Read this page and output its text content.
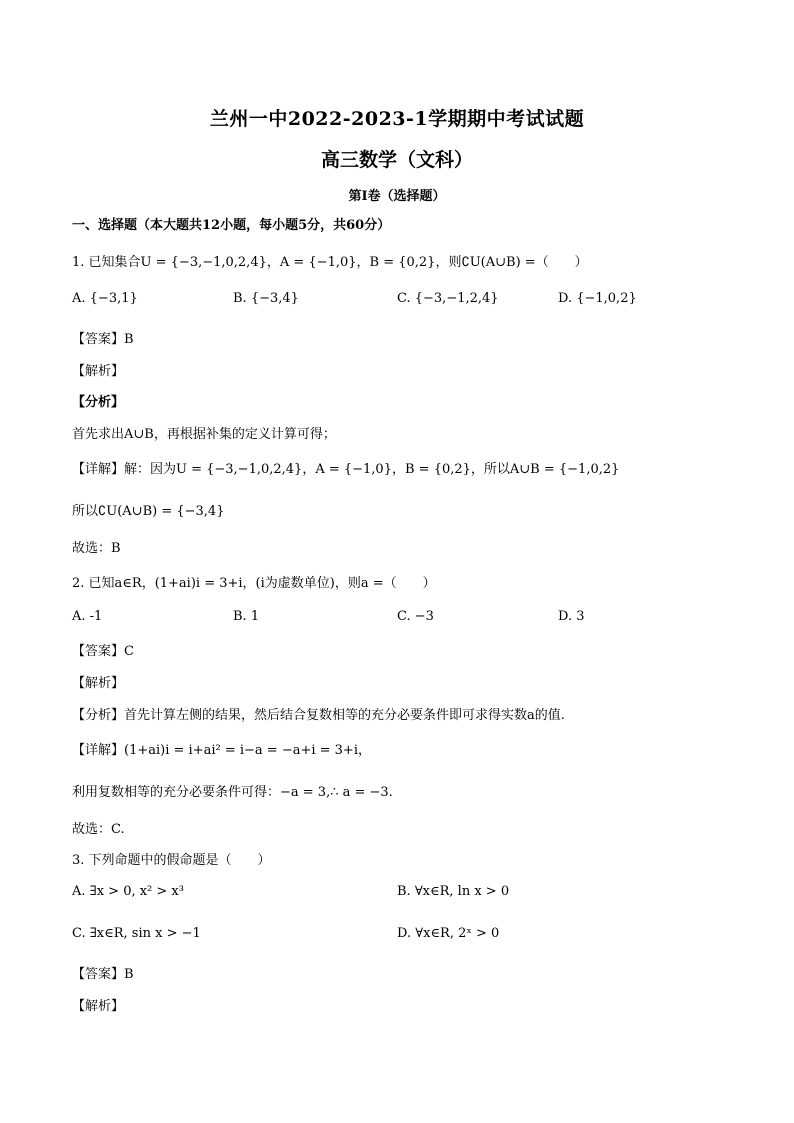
兰州一中2022-2023-1学期期中考试试题
高三数学（文科）
第Ⅰ卷（选择题）
一、选择题（本大题共12小题，每小题5分，共60分）
1. 已知集合U = {−3,−1,0,2,4}，A = {−1,0}，B = {0,2}，则∁U(A∪B) =（　　）
A. {−3,1}	B. {−3,4}	C. {−3,−1,2,4}	D. {−1,0,2}
【答案】B
【解析】
【分析】
首先求出A∪B，再根据补集的定义计算可得；
【详解】解：因为U = {−3,−1,0,2,4}，A = {−1,0}，B = {0,2}，所以A∪B = {−1,0,2}
所以∁U(A∪B) = {−3,4}
故选：B
2. 已知a∈R，(1+ai)i = 3+i，(i为虚数单位)，则a =（　　）
A. -1	B. 1	C. −3	D. 3
【答案】C
【解析】
【分析】首先计算左侧的结果，然后结合复数相等的充分必要条件即可求得实数a的值.
【详解】(1+ai)i = i+ai² = i−a = −a+i = 3+i，
利用复数相等的充分必要条件可得：−a = 3,∴ a = −3.
故选：C.
3. 下列命题中的假命题是（　　）
A. ∃x > 0, x² > x³	B. ∀x∈R, ln x > 0
C. ∃x∈R, sin x > −1	D. ∀x∈R, 2ˣ > 0
【答案】B
【解析】
